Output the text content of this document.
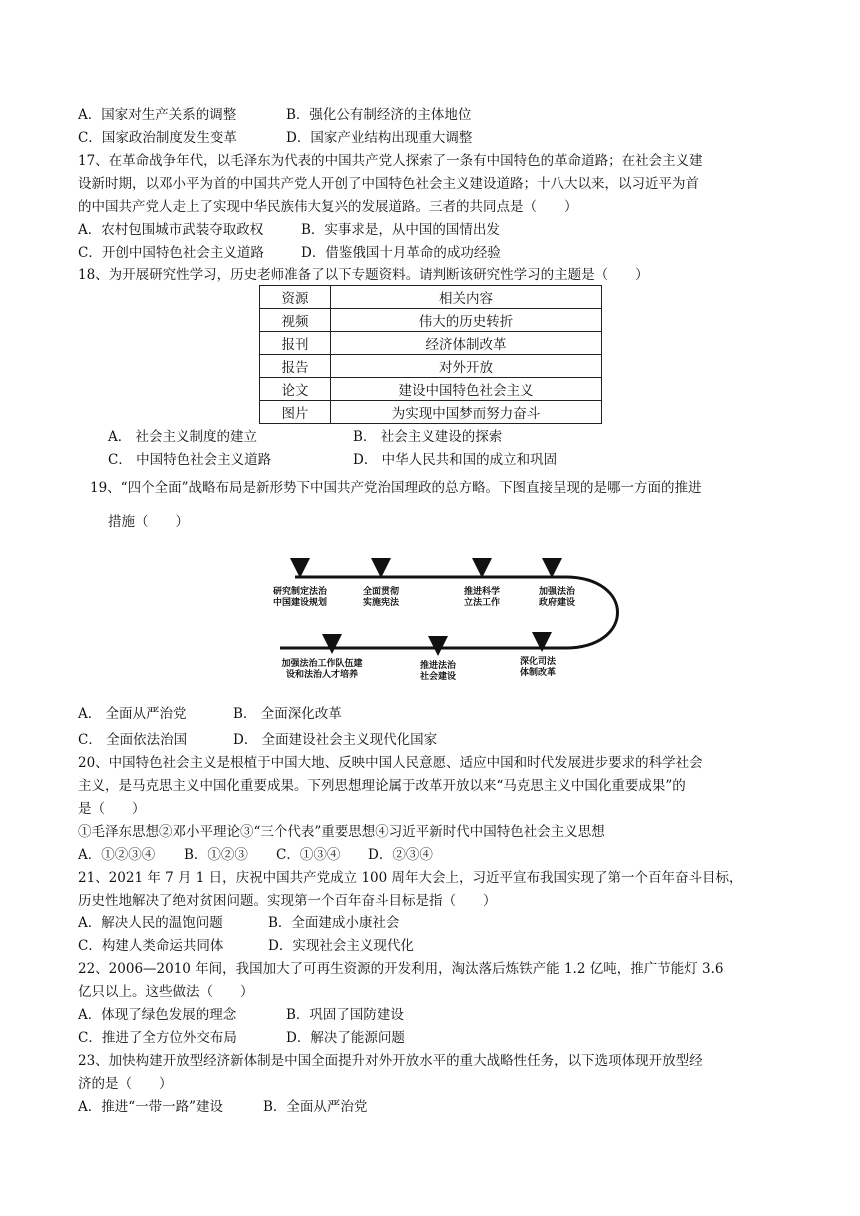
A．国家对生产关系的调整	B．强化公有制经济的主体地位
C．国家政治制度发生变革	D．国家产业结构出现重大调整
17、在革命战争年代，以毛泽东为代表的中国共产党人探索了一条有中国特色的革命道路；在社会主义建
设新时期，以邓小平为首的中国共产党人开创了中国特色社会主义建设道路；十八大以来，以习近平为首
的中国共产党人走上了实现中华民族伟大复兴的发展道路。三者的共同点是（　　）
A．农村包围城市武装夺取政权	B．实事求是，从中国的国情出发
C．开创中国特色社会主义道路	D．借鉴俄国十月革命的成功经验
18、为开展研究性学习，历史老师准备了以下专题资料。请判断该研究性学习的主题是（　　）
资源	相关内容
视频	伟大的历史转折
报刊	经济体制改革
报告	对外开放
论文	建设中国特色社会主义
图片	为实现中国梦而努力奋斗
A． 社会主义制度的建立	B． 社会主义建设的探索
C． 中国特色社会主义道路	D． 中华人民共和国的成立和巩固
19、“四个全面”战略布局是新形势下中国共产党治国理政的总方略。下图直接呈现的是哪一方面的推进
措施（　　）
研究制定法治中国建设规划
全面贯彻实施宪法
推进科学立法工作
加强法治政府建设
加强法治工作队伍建设和法治人才培养
推进法治社会建设
深化司法体制改革
A． 全面从严治党	B． 全面深化改革
C． 全面依法治国	D． 全面建设社会主义现代化国家
20、中国特色社会主义是根植于中国大地、反映中国人民意愿、适应中国和时代发展进步要求的科学社会
主义，是马克思主义中国化重要成果。下列思想理论属于改革开放以来“马克思主义中国化重要成果”的
是（　　）
①毛泽东思想②邓小平理论③“三个代表”重要思想④习近平新时代中国特色社会主义思想
A．①②③④ B．①②③ C．①③④ D．②③④
21、2021 年 7 月 1 日，庆祝中国共产党成立 100 周年大会上，习近平宣布我国实现了第一个百年奋斗目标，
历史性地解决了绝对贫困问题。实现第一个百年奋斗目标是指（　　）
A．解决人民的温饱问题	B．全面建成小康社会
C．构建人类命运共同体	D．实现社会主义现代化
22、2006—2010 年间，我国加大了可再生资源的开发利用，淘汰落后炼铁产能 1.2 亿吨，推广节能灯 3.6
亿只以上。这些做法（　　）
A．体现了绿色发展的理念	B．巩固了国防建设
C．推进了全方位外交布局	D．解决了能源问题
23、加快构建开放型经济新体制是中国全面提升对外开放水平的重大战略性任务，以下选项体现开放型经
济的是（　　）
A．推进“一带一路”建设	B．全面从严治党
